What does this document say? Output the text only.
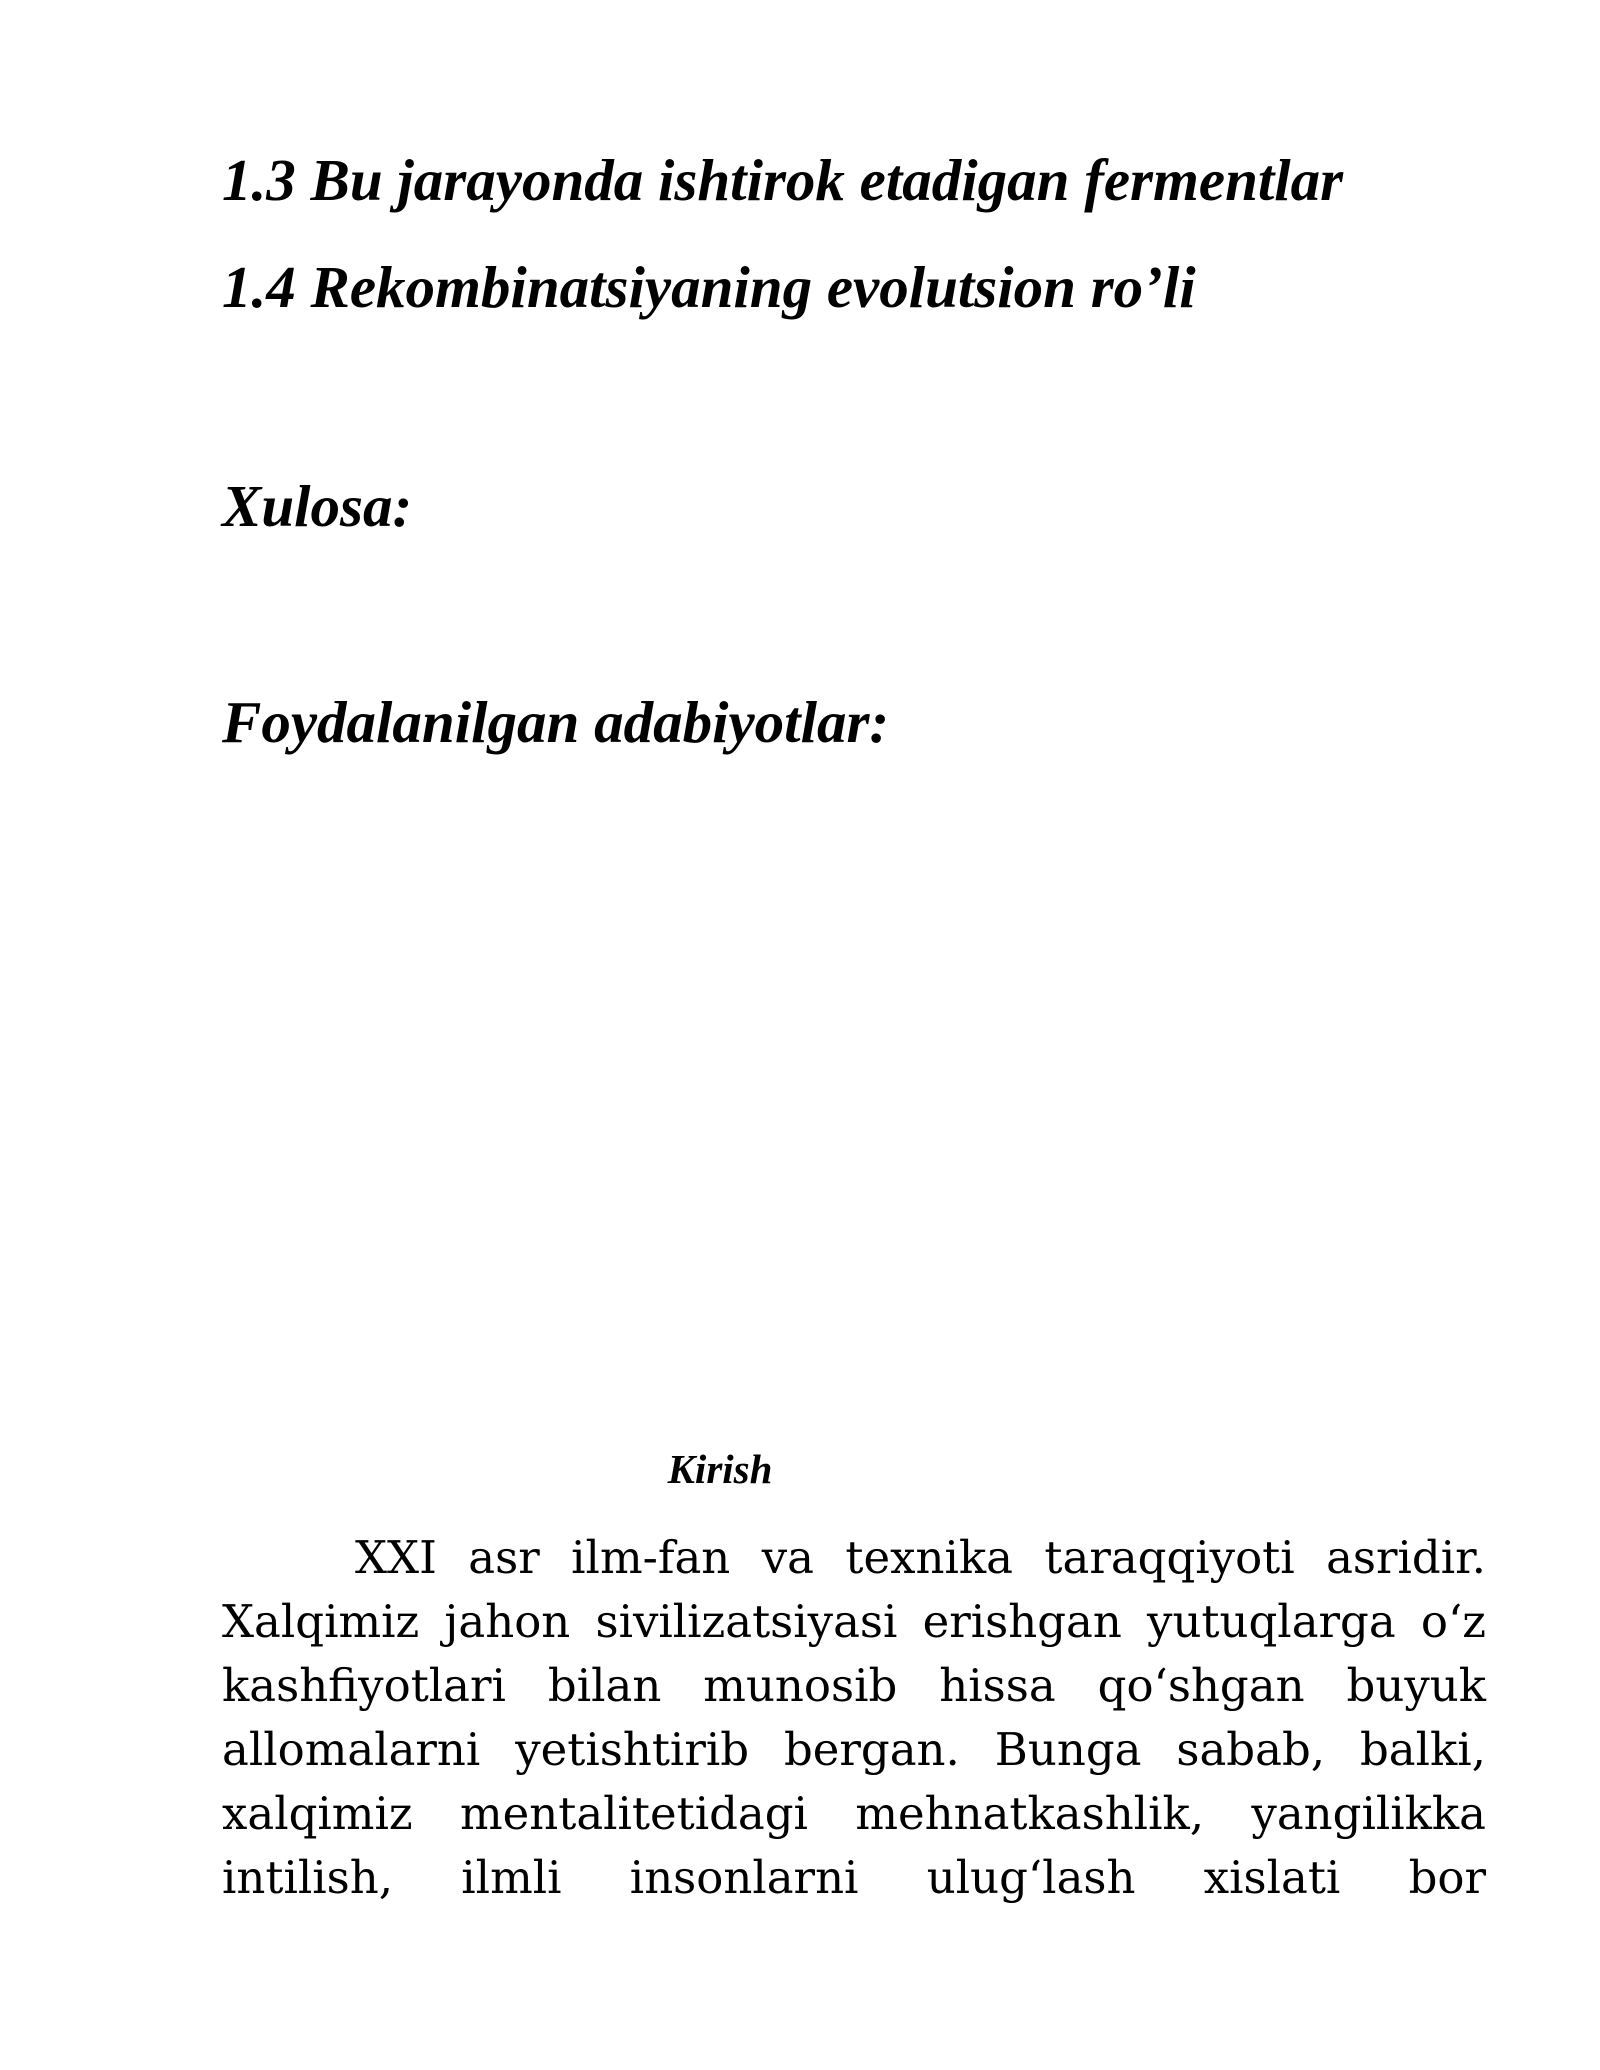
1.3 Bu jarayonda ishtirok etadigan fermentlar
1.4 Rekombinatsiyaning evolutsion ro’li
Xulosa:
Foydalanilgan adabiyotlar:
Kirish

XXI asr ilm-fan va texnika taraqqiyoti asridir. Xalqimiz jahon sivilizatsiyasi erishgan yutuqlarga o‘z kashfiyotlari bilan munosib hissa qo‘shgan buyuk allomalarni yetishtirib bergan. Bunga sabab, balki, xalqimiz mentalitetidagi mehnatkashlik, yangilikka intilish, ilmli insonlarni ulug‘lash xislati bor
